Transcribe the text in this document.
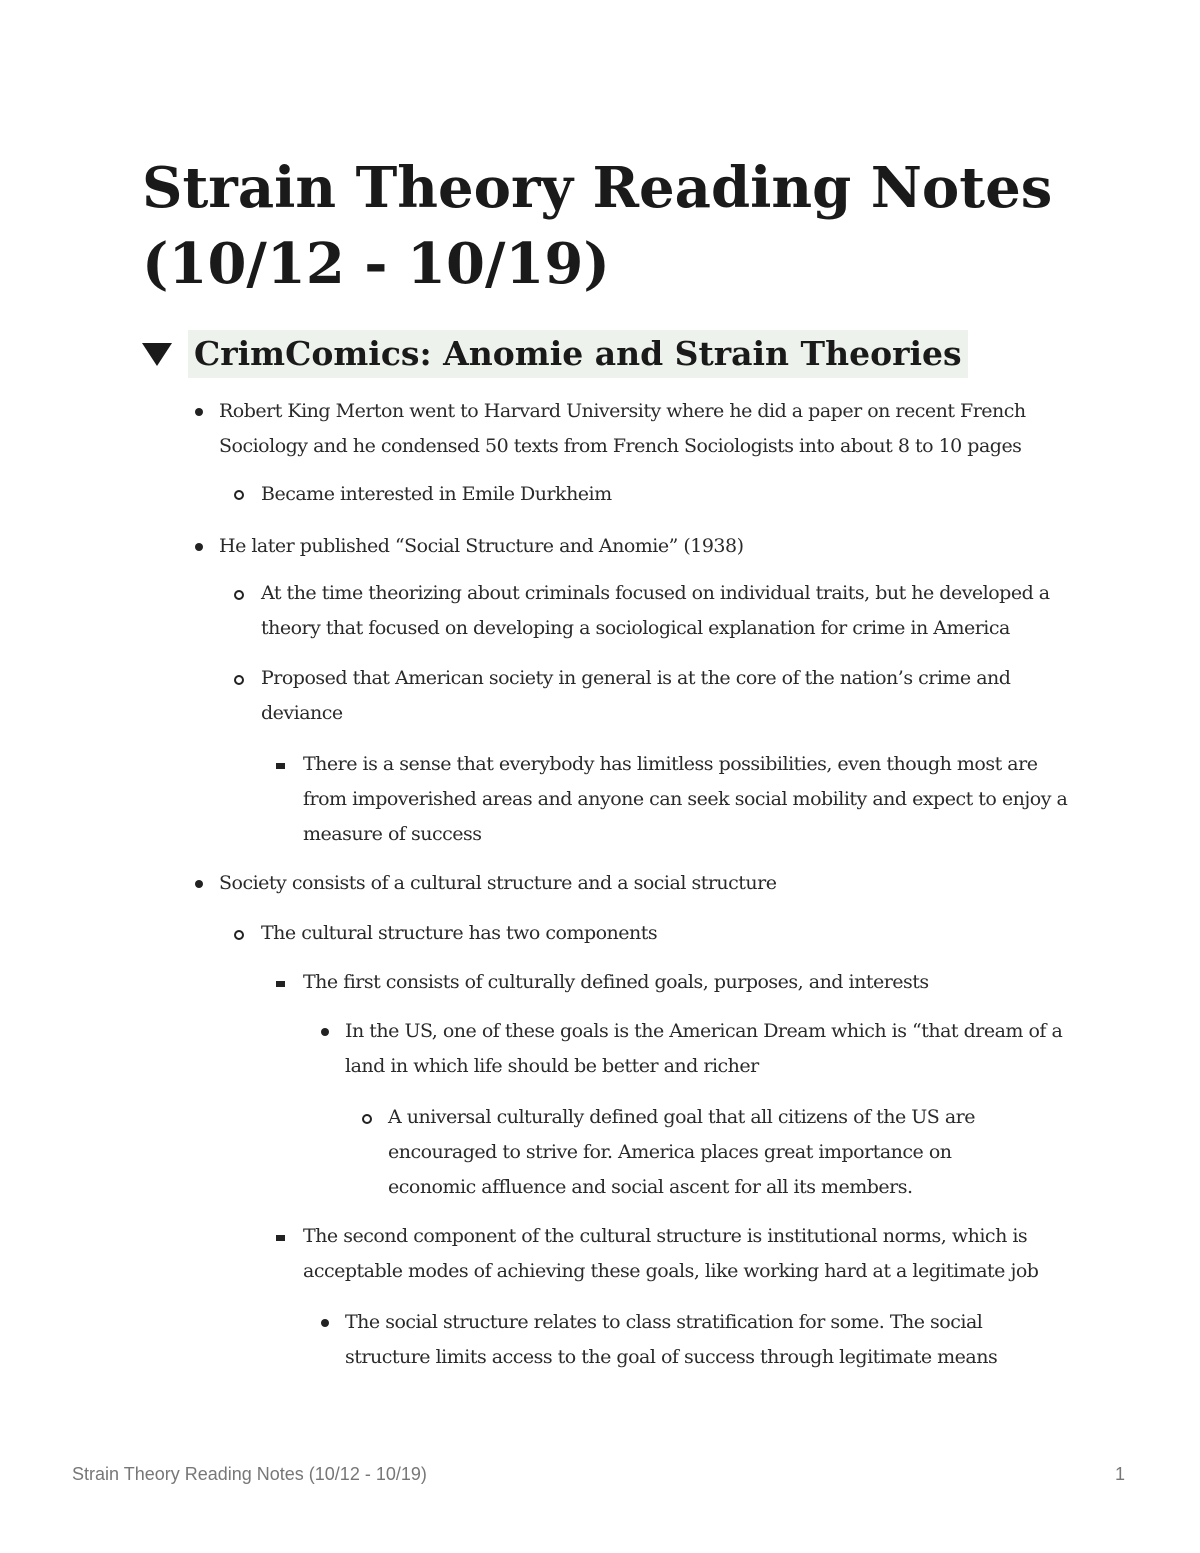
Strain Theory Reading Notes (10/12 - 10/19)
CrimComics: Anomie and Strain Theories

Robert King Merton went to Harvard University where he did a paper on recent French Sociology and he condensed 50 texts from French Sociologists into about 8 to 10 pages

Became interested in Emile Durkheim

He later published “Social Structure and Anomie” (1938)

At the time theorizing about criminals focused on individual traits, but he developed a theory that focused on developing a sociological explanation for crime in America

Proposed that American society in general is at the core of the nation’s crime and deviance

There is a sense that everybody has limitless possibilities, even though most are from impoverished areas and anyone can seek social mobility and expect to enjoy a measure of success

Society consists of a cultural structure and a social structure

The cultural structure has two components

The first consists of culturally defined goals, purposes, and interests

In the US, one of these goals is the American Dream which is “that dream of a land in which life should be better and richer

A universal culturally defined goal that all citizens of the US are encouraged to strive for. America places great importance on economic affluence and social ascent for all its members.

The second component of the cultural structure is institutional norms, which is acceptable modes of achieving these goals, like working hard at a legitimate job

The social structure relates to class stratification for some. The social structure limits access to the goal of success through legitimate means

Strain Theory Reading Notes (10/12 - 10/19)	1
